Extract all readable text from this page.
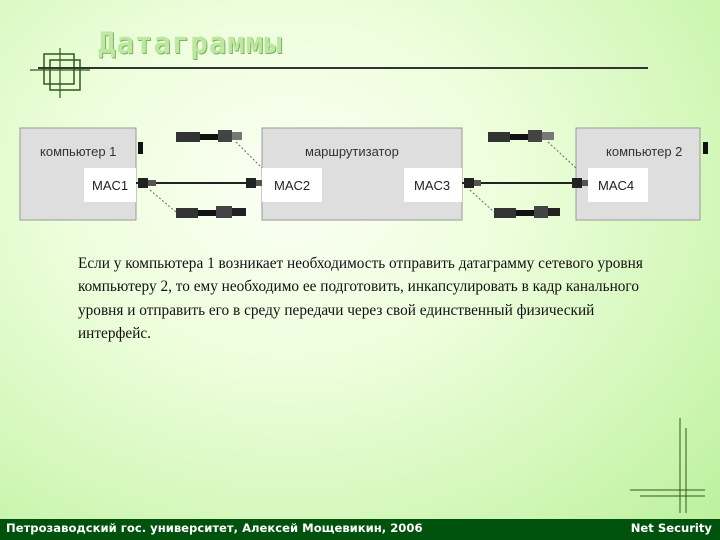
Датаграммы
компьютер 1	маршрутизатор	компьютер 2
MAC1	MAC2	MAC3	MAC4

Если у компьютера 1 возникает необходимость отправить датаграмму сетевого уровня компьютеру 2, то ему необходимо ее подготовить, инкапсулировать в кадр канального уровня и отправить его в среду передачи через свой единственный физический интерфейс.

Петрозаводский гос. университет, Алексей Мощевикин, 2006	Net Security
